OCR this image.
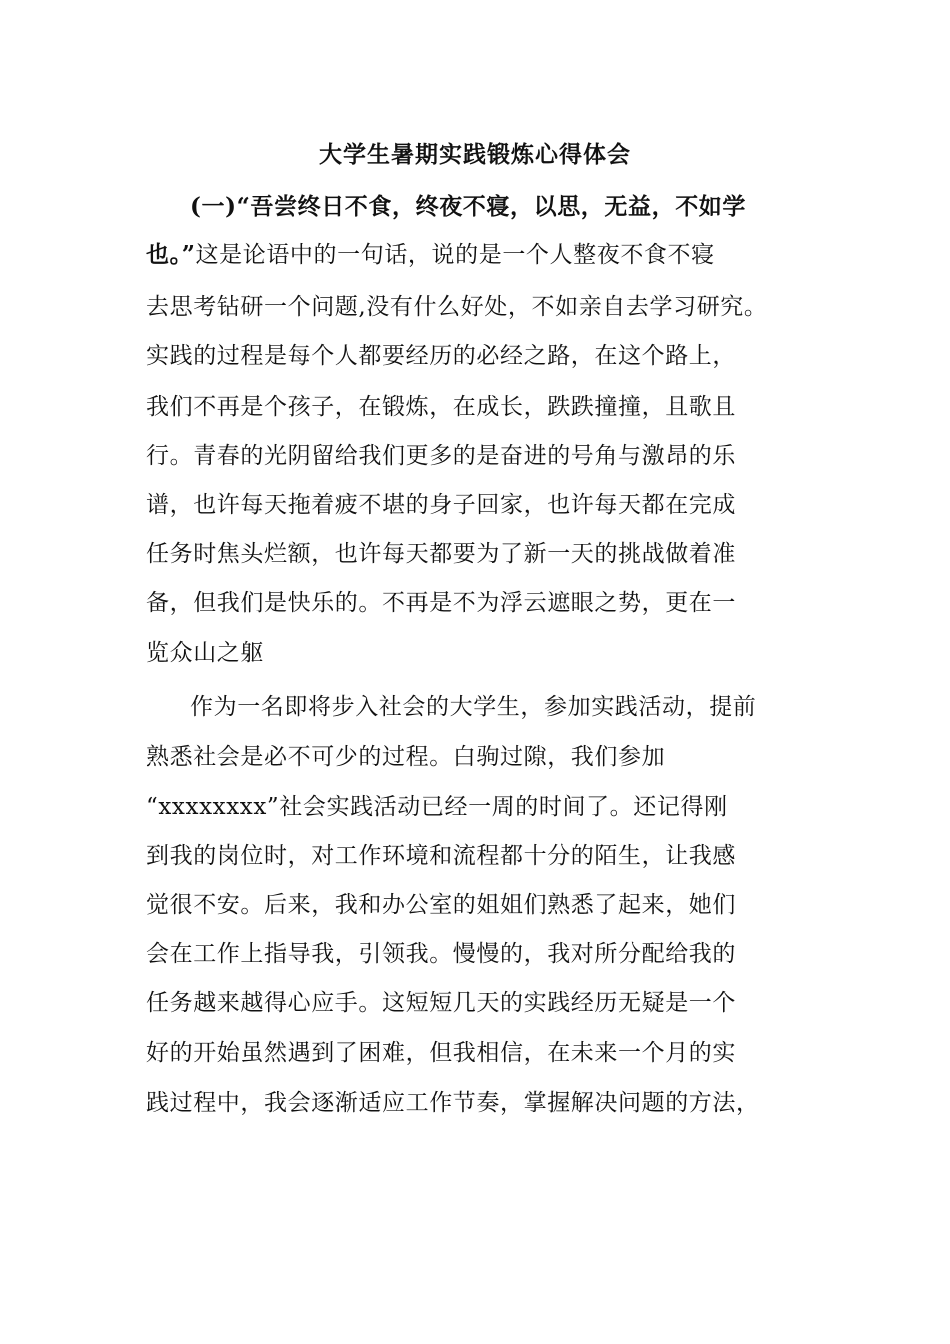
大学生暑期实践锻炼心得体会
(一)“吾尝终日不食，终夜不寝，以思，无益，不如学
也。”这是论语中的一句话，说的是一个人整夜不食不寝
去思考钻研一个问题,没有什么好处，不如亲自去学习研究。
实践的过程是每个人都要经历的必经之路，在这个路上，
我们不再是个孩子，在锻炼，在成长，跌跌撞撞，且歌且
行。青春的光阴留给我们更多的是奋进的号角与激昂的乐
谱，也许每天拖着疲不堪的身子回家，也许每天都在完成
任务时焦头烂额，也许每天都要为了新一天的挑战做着准
备，但我们是快乐的。不再是不为浮云遮眼之势，更在一
览众山之躯
作为一名即将步入社会的大学生，参加实践活动，提前
熟悉社会是必不可少的过程。白驹过隙，我们参加
“xxxxxxxx”社会实践活动已经一周的时间了。还记得刚
到我的岗位时，对工作环境和流程都十分的陌生，让我感
觉很不安。后来，我和办公室的姐姐们熟悉了起来，她们
会在工作上指导我，引领我。慢慢的，我对所分配给我的
任务越来越得心应手。这短短几天的实践经历无疑是一个
好的开始虽然遇到了困难，但我相信，在未来一个月的实
践过程中，我会逐渐适应工作节奏，掌握解决问题的方法，
